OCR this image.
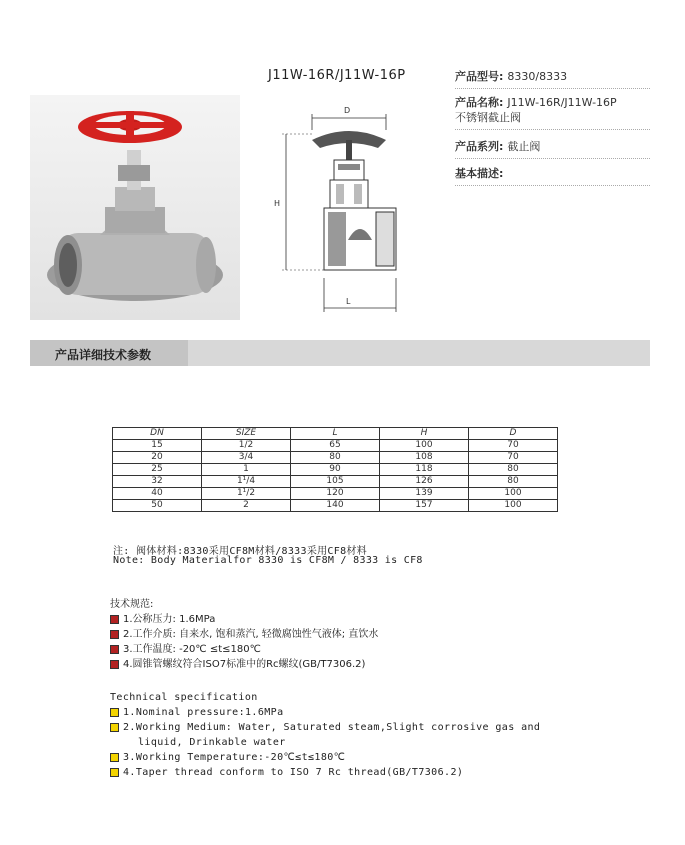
J11W-16R/J11W-16P
D
H
L
产品型号: 8330/8333
产品名称: J11W-16R/J11W-16P
不锈钢截止阀
产品系列: 截止阀
基本描述:
产品详细技术参数
DN	SIZE	L	H	D
15	1/2	65	100	70
20	3/4	80	108	70
25	1	90	118	80
32	1¹/4	105	126	80
40	1¹/2	120	139	100
50	2	140	157	100
注: 阀体材料:8330采用CF8M材料/8333采用CF8材料
Note: Body Materialfor 8330 is CF8M / 8333 is CF8
技术规范:
1.公称压力: 1.6MPa
2.工作介质: 自来水, 饱和蒸汽, 轻微腐蚀性气液体; 直饮水
3.工作温度: -20℃ ≤t≤180℃
4.圆锥管螺纹符合ISO7标准中的Rc螺纹(GB/T7306.2)
Technical specification
1.Nominal pressure:1.6MPa
2.Working Medium: Water, Saturated steam,Slight corrosive gas and
liquid, Drinkable water
3.Working Temperature:-20℃≤t≤180℃
4.Taper thread conform to ISO 7 Rc thread(GB/T7306.2)
